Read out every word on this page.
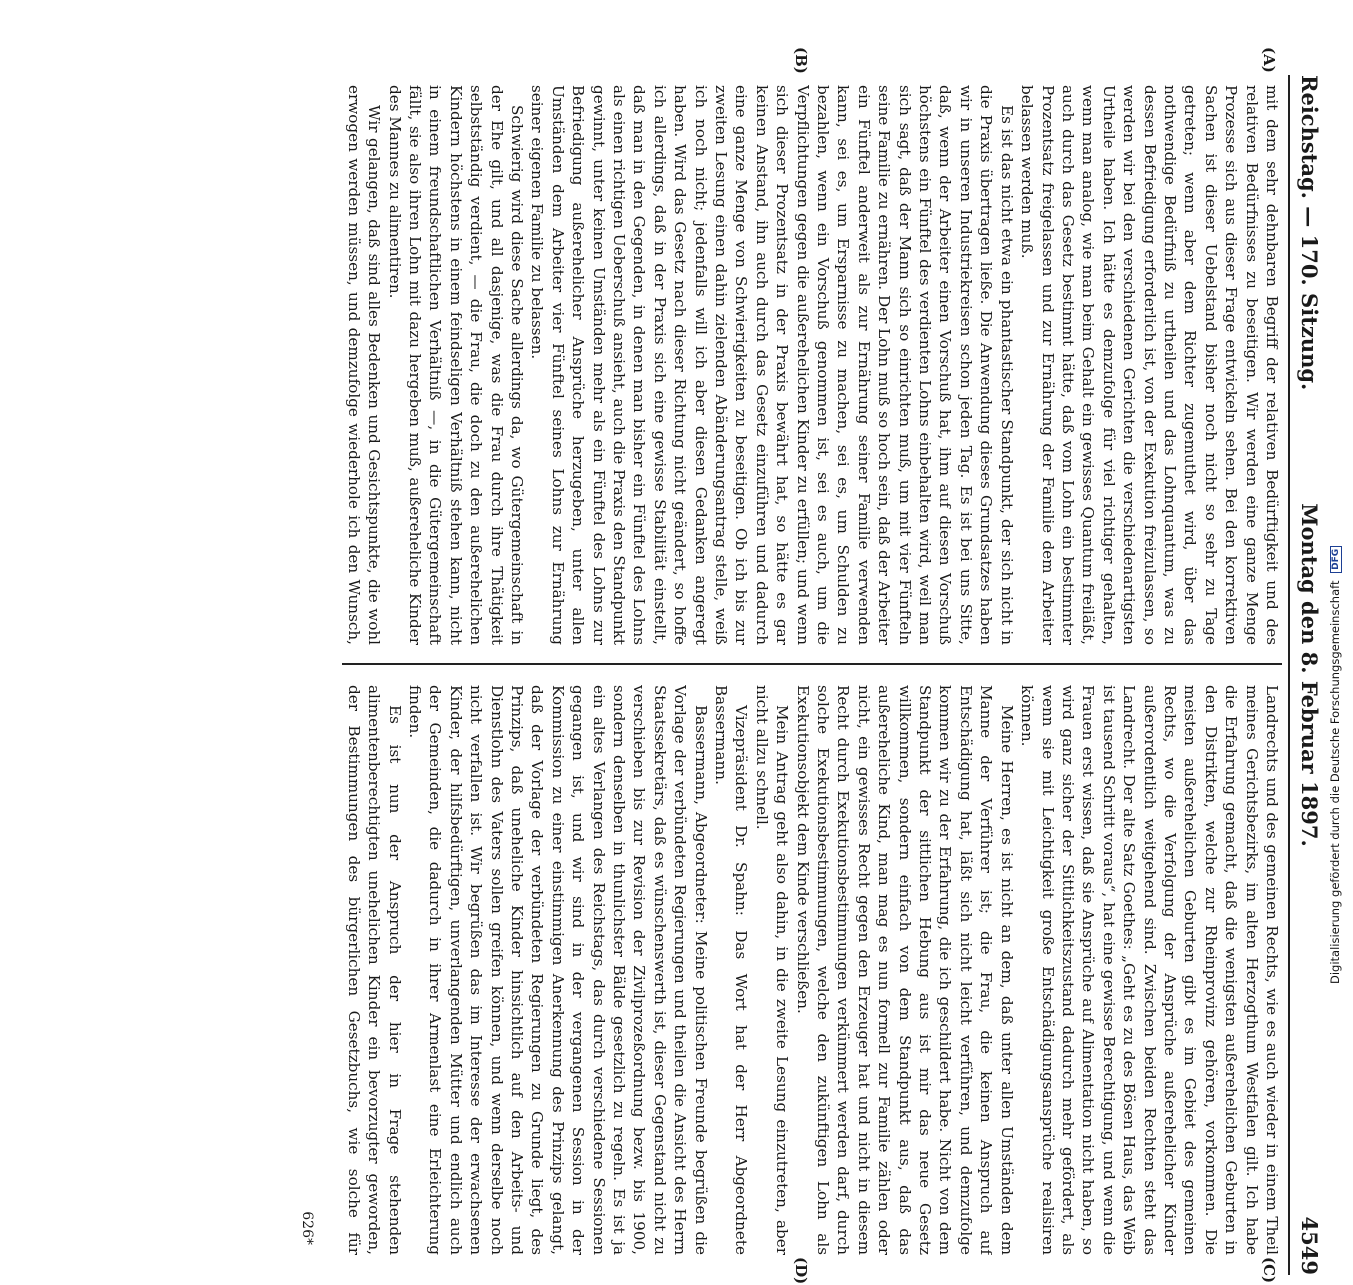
Reichstag. — 170. Sitzung.
Montag den 8. Februar 1897.
4549
(A)
(B)
(C)
(D)

mit dem sehr dehnbaren Begriff der relativen Bedürftigkeit und des relativen Bedürfnisses zu beseitigen. Wir werden eine ganze Menge Prozesse sich aus dieser Frage entwickeln sehen. Bei den korrektiven Sachen ist dieser Uebelstand bisher noch nicht so sehr zu Tage getreten; wenn aber dem Richter zugemuthet wird, über das nothwendige Bedürfniß zu urtheilen und das Lohnquantum, was zu dessen Befriedigung erforderlich ist, von der Exekution freizulassen, so werden wir bei den verschiedenen Gerichten die verschiedenartigsten Urtheile haben. Ich hätte es demzufolge für viel richtiger gehalten, wenn man analog, wie man beim Gehalt ein gewisses Quantum freiläßt, auch durch das Gesetz bestimmt hätte, daß vom Lohn ein bestimmter Prozentsatz freigelassen und zur Ernährung der Familie dem Arbeiter belassen werden muß.

Es ist das nicht etwa ein phantastischer Standpunkt, der sich nicht in die Praxis übertragen ließe. Die Anwendung dieses Grundsatzes haben wir in unseren Industriekreisen schon jeden Tag. Es ist bei uns Sitte, daß, wenn der Arbeiter einen Vorschuß hat, ihm auf diesen Vorschuß höchstens ein Fünftel des verdienten Lohns einbehalten wird, weil man sich sagt, daß der Mann sich so einrichten muß, um mit vier Fünfteln seine Familie zu ernähren. Der Lohn muß so hoch sein, daß der Arbeiter ein Fünftel anderweit als zur Ernährung seiner Familie verwenden kann, sei es, um Ersparnisse zu machen, sei es, um Schulden zu bezahlen, wenn ein Vorschuß genommen ist, sei es auch, um die Verpflichtungen gegen die außerehelichen Kinder zu erfüllen; und wenn sich dieser Prozentsatz in der Praxis bewährt hat, so hätte es gar keinen Anstand, ihn auch durch das Gesetz einzuführen und dadurch eine ganze Menge von Schwierigkeiten zu beseitigen. Ob ich bis zur zweiten Lesung einen dahin zielenden Abänderungsantrag stelle, weiß ich noch nicht; jedenfalls will ich aber diesen Gedanken angeregt haben. Wird das Gesetz nach dieser Richtung nicht geändert, so hoffe ich allerdings, daß in der Praxis sich eine gewisse Stabilität einstellt, daß man in den Gegenden, in denen man bisher ein Fünftel des Lohns als einen richtigen Ueberschuß ansieht, auch die Praxis den Standpunkt gewinnt, unter keinen Umständen mehr als ein Fünftel des Lohns zur Befriedigung außerehelicher Ansprüche herzugeben, unter allen Umständen dem Arbeiter vier Fünftel seines Lohns zur Ernährung seiner eigenen Familie zu belassen.

Schwierig wird diese Sache allerdings da, wo Gütergemeinschaft in der Ehe gilt, und all dasjenige, was die Frau durch ihre Thätigkeit selbstständig verdient, — die Frau, die doch zu den außerehelichen Kindern höchstens in einem feindseligen Verhältniß stehen kann, nicht in einem freundschaftlichen Verhältniß —, in die Gütergemeinschaft fällt, sie also ihren Lohn mit dazu hergeben muß, außereheliche Kinder des Mannes zu alimentiren.

Wir gelangen, daß sind alles Bedenken und Gesichtspunkte, die wohl erwogen werden müssen, und demzufolge wiederhole ich den Wunsch,

Landrechts und des gemeinen Rechts, wie es auch wieder in einem Theil meines Gerichtsbezirks, im alten Herzogthum Westfalen gilt. Ich habe die Erfahrung gemacht, daß die wenigsten außerehelichen Geburten in den Distrikten, welche zur Rheinprovinz gehören, vorkommen. Die meisten außerehelichen Geburten gibt es im Gebiet des gemeinen Rechts, wo die Verfolgung der Ansprüche außerehelicher Kinder außerordentlich weitgehend sind. Zwischen beiden Rechten steht das Landrecht. Der alte Satz Goethes: „Geht es zu des Bösen Haus, das Weib ist tausend Schritt voraus“, hat eine gewisse Berechtigung, und wenn die Frauen erst wissen, daß sie Ansprüche auf Alimentation nicht haben, so wird ganz sicher der Sittlichkeitszustand dadurch mehr gefördert, als wenn sie mit Leichtigkeit große Entschädigungsansprüche realisiren können.

Meine Herren, es ist nicht an dem, daß unter allen Umständen dem Manne der Verführer ist; die Frau, die keinen Anspruch auf Entschädigung hat, läßt sich nicht leicht verführen, und demzufolge kommen wir zu der Erfahrung, die ich geschildert habe. Nicht von dem Standpunkt der sittlichen Hebung aus ist mir das neue Gesetz willkommen, sondern einfach von dem Standpunkt aus, daß das außereheliche Kind, man mag es nun formell zur Familie zählen oder nicht, ein gewisses Recht gegen den Erzeuger hat und nicht in diesem Recht durch Exekutionsbestimmungen verkümmert werden darf, durch solche Exekutionsbestimmungen, welche den zukünftigen Lohn als Exekutionsobjekt dem Kinde verschließen.

Mein Antrag geht also dahin, in die zweite Lesung einzutreten, aber nicht allzu schnell.

Vizepräsident Dr. Spahn: Das Wort hat der Herr Abgeordnete Bassermann.

Bassermann, Abgeordneter: Meine politischen Freunde begrüßen die Vorlage der verbündeten Regierungen und theilen die Ansicht des Herrn Staatssekretärs, daß es wünschenswerth ist, dieser Gegenstand nicht zu verschieben bis zur Revision der Zivilprozeßordnung bezw. bis 1900, sondern denselben in thunlichster Bälde gesetzlich zu regeln. Es ist ja ein altes Verlangen des Reichstags, das durch verschiedene Sessionen gegangen ist, und wir sind in der vergangenen Session in der Kommission zu einer einstimmigen Anerkennung des Prinzips gelangt, daß der Vorlage der verbündeten Regierungen zu Grunde liegt, des Prinzips, daß uneheliche Kinder hinsichtlich auf den Arbeits- und Dienstlohn des Vaters sollen greifen können, und wenn derselbe noch nicht verfallen ist. Wir begrüßen das im Interesse der erwachsenen Kinder, der hilfsbedürftigen, unverlangenden Mütter und endlich auch der Gemeinden, die dadurch in ihrer Armenlast eine Erleichterung finden.

Es ist nun der Anspruch der hier in Frage stehenden alimentenberechtigten unehelichen Kinder ein bevorzugter geworden, der Bestimmungen des bürgerlichen Gesetzbuchs, wie solche für

626*
Digitalisierung gefördert durch die Deutsche Forschungsgemeinschaft DFG
